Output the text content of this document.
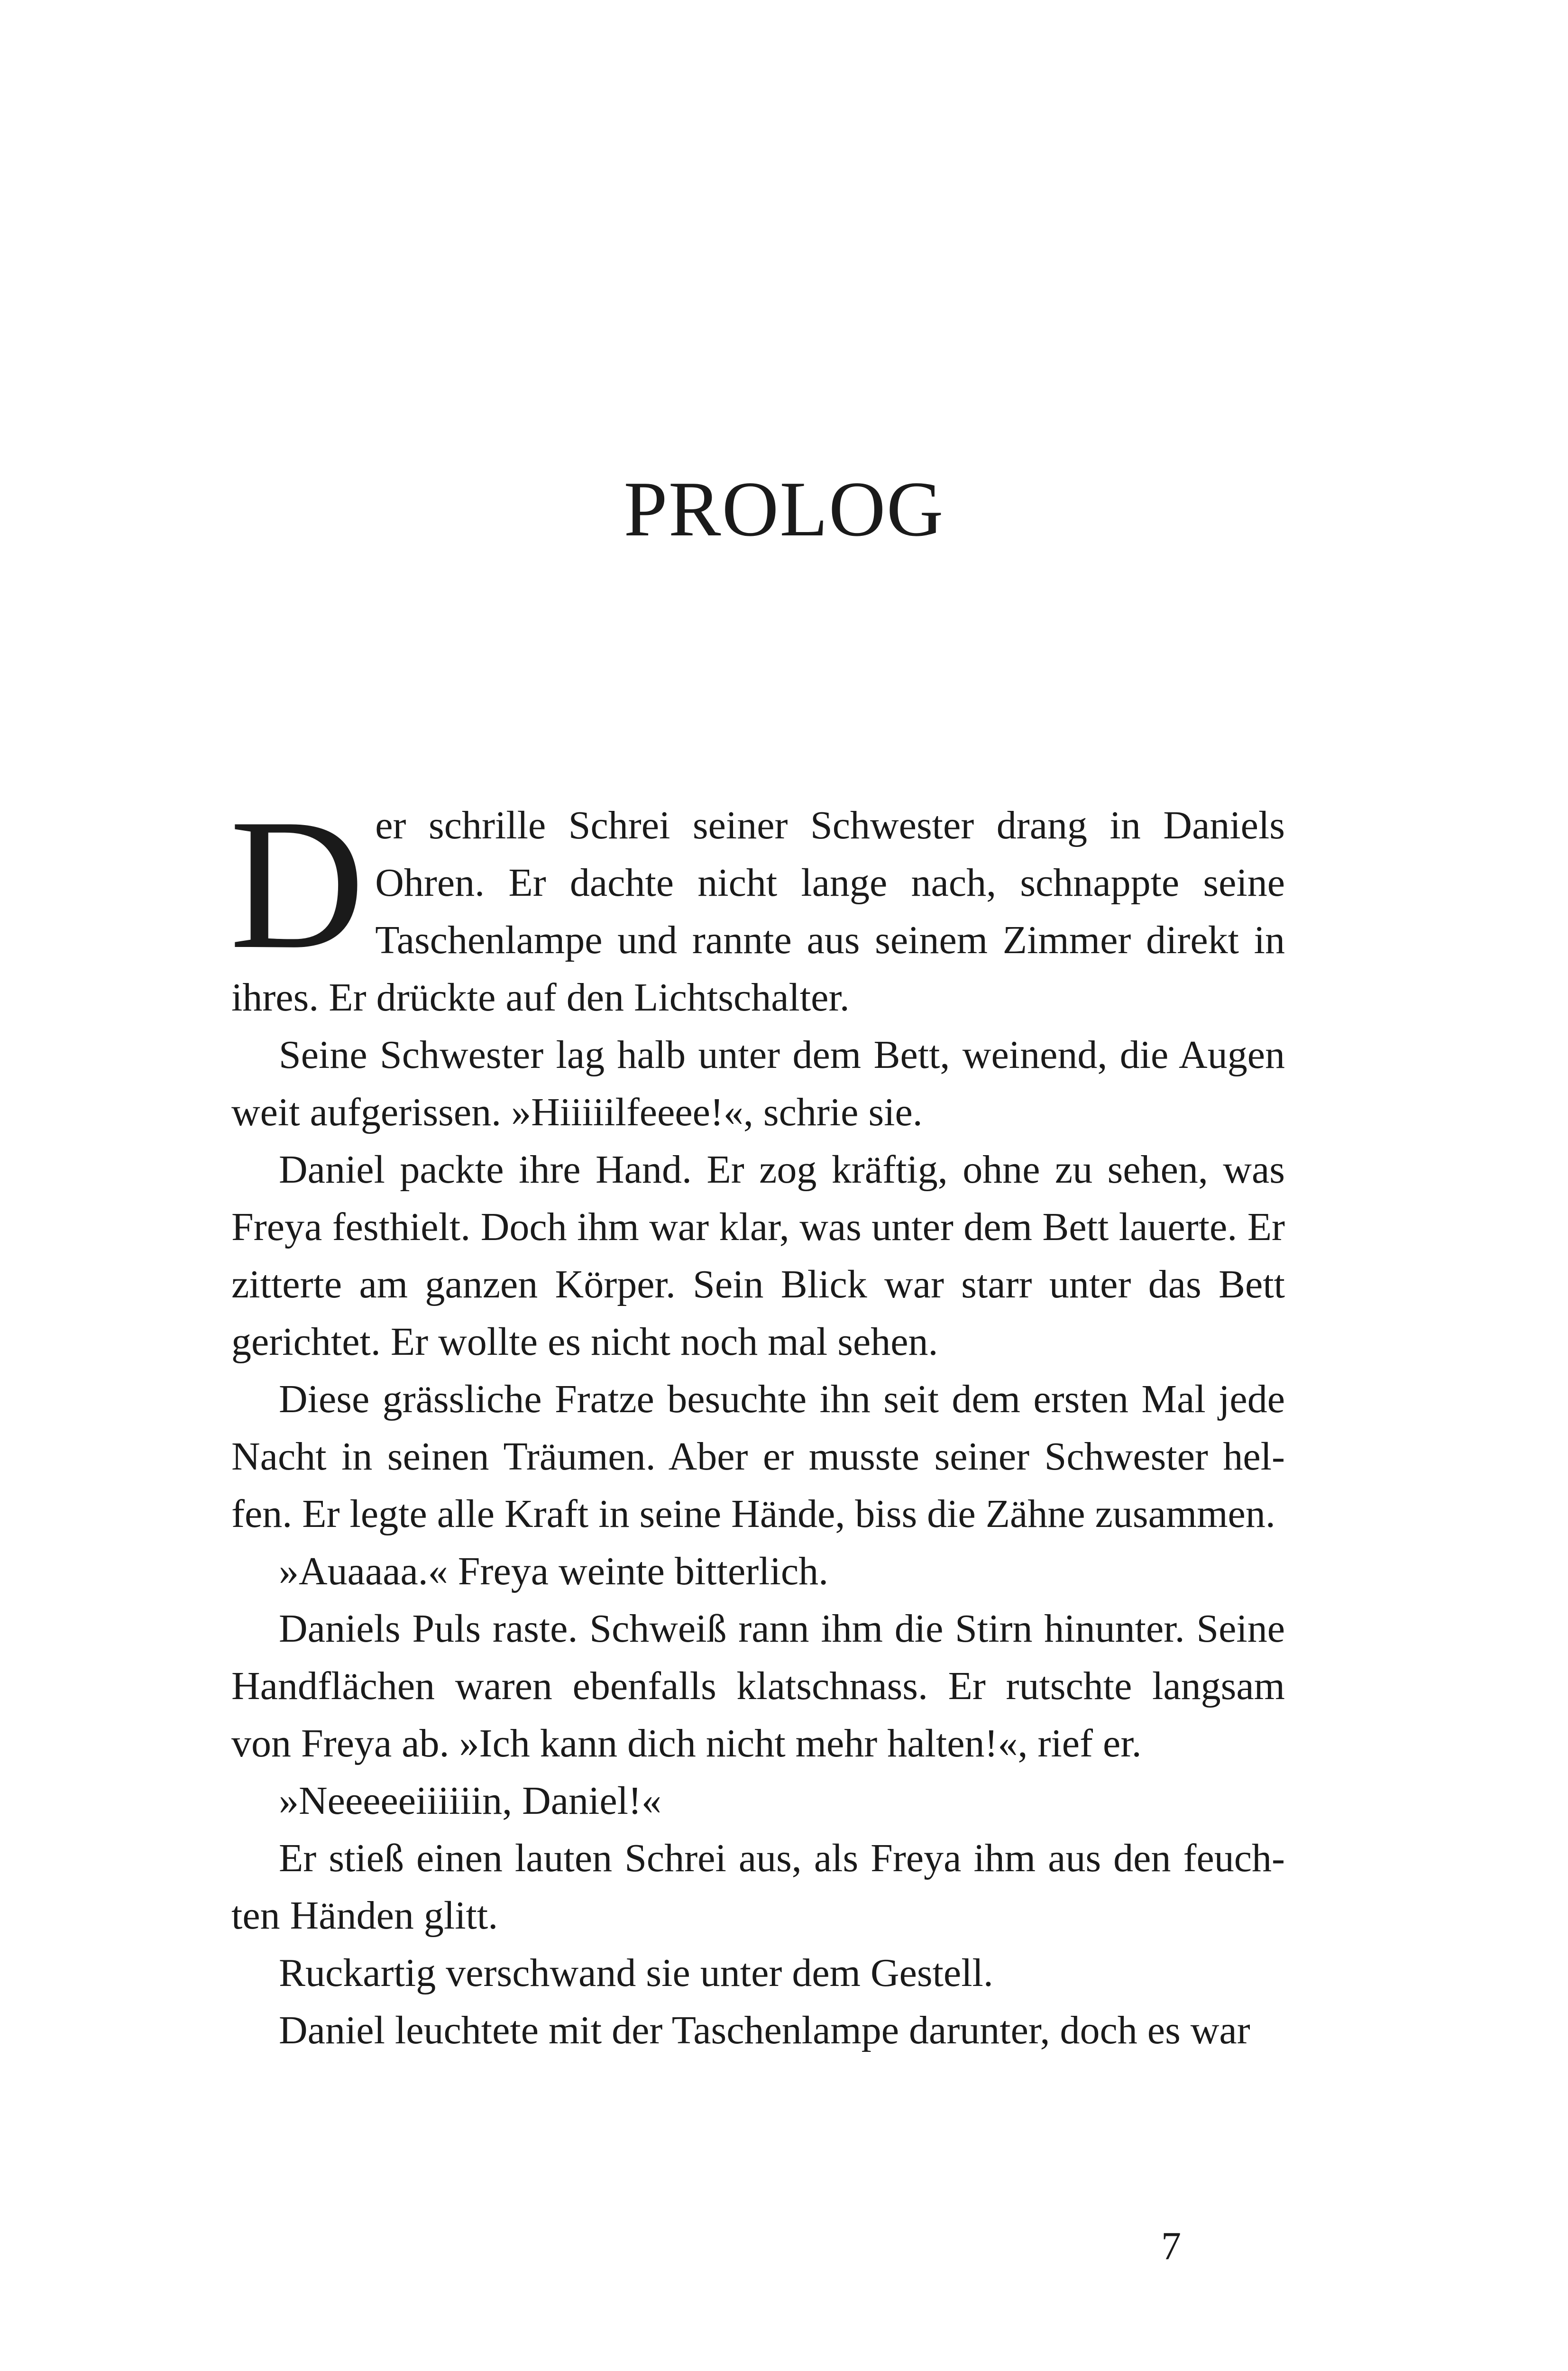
PROLOG

Der schrille Schrei seiner Schwester drang in Daniels Ohren. Er dachte nicht lange nach, schnappte seine Taschenlampe und rannte aus seinem Zimmer direkt in ihres. Er drückte auf den Lichtschalter.

Seine Schwester lag halb unter dem Bett, weinend, die Augen weit aufgerissen. »Hiiiiilfeeee!«, schrie sie.

Daniel packte ihre Hand. Er zog kräftig, ohne zu sehen, was Freya festhielt. Doch ihm war klar, was unter dem Bett lauerte. Er zitterte am ganzen Körper. Sein Blick war starr unter das Bett gerichtet. Er wollte es nicht noch mal sehen.

Diese grässliche Fratze besuchte ihn seit dem ersten Mal jede Nacht in seinen Träumen. Aber er musste seiner Schwester helfen. Er legte alle Kraft in seine Hände, biss die Zähne zusammen.

»Auaaaa.« Freya weinte bitterlich.

Daniels Puls raste. Schweiß rann ihm die Stirn hinunter. Seine Handflächen waren ebenfalls klatschnass. Er rutschte langsam von Freya ab. »Ich kann dich nicht mehr halten!«, rief er.

»Neeeeeiiiiiin, Daniel!«

Er stieß einen lauten Schrei aus, als Freya ihm aus den feuchten Händen glitt.

Ruckartig verschwand sie unter dem Gestell.

Daniel leuchtete mit der Taschenlampe darunter, doch es war

7
